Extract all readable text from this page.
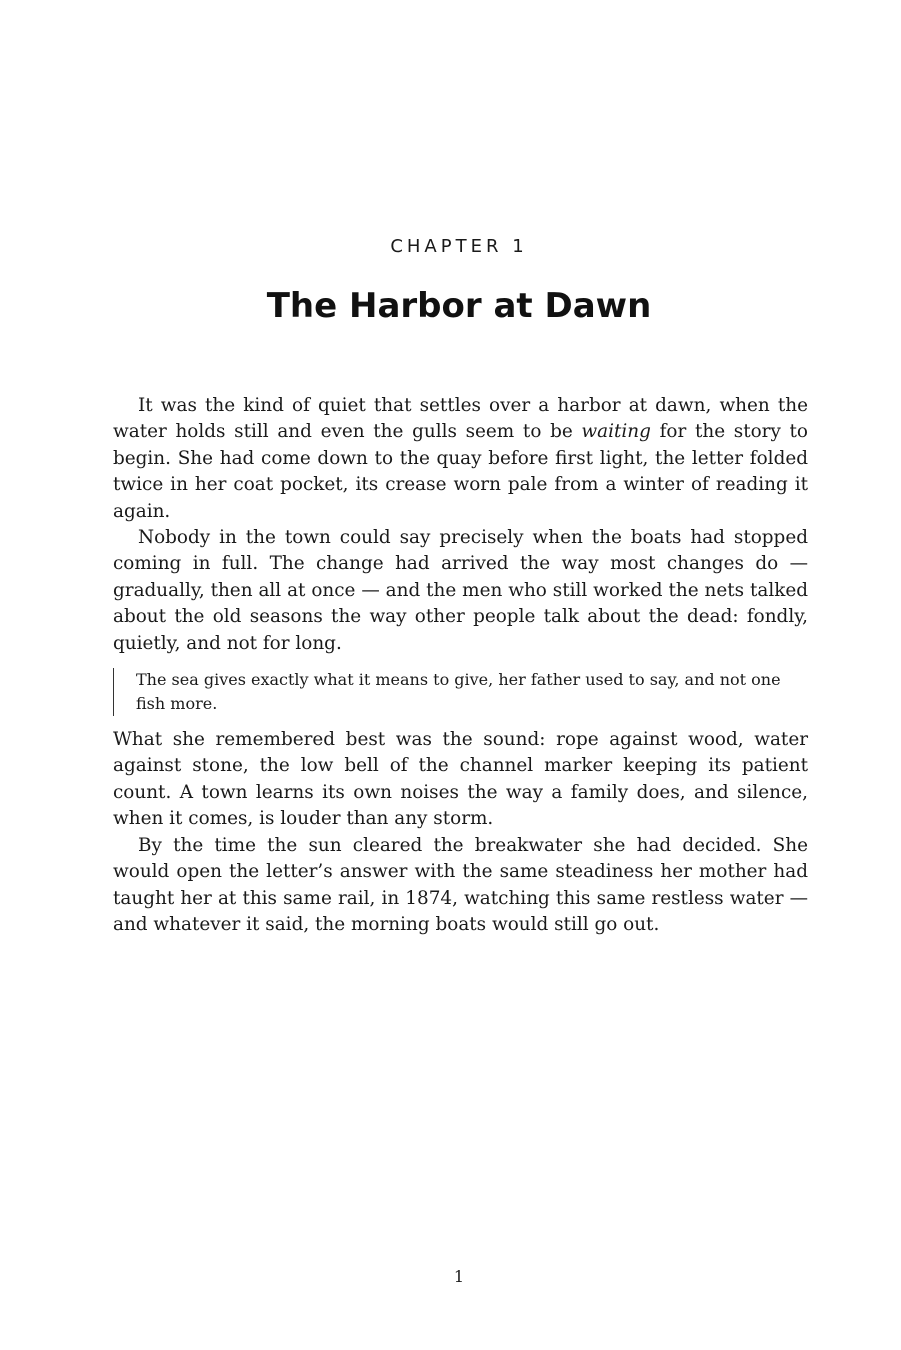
CHAPTER 1
The Harbor at Dawn

It was the kind of quiet that settles over a harbor at dawn, when the water holds still and even the gulls seem to be waiting for the story to begin. She had come down to the quay before first light, the letter folded twice in her coat pocket, its crease worn pale from a winter of reading it again.

Nobody in the town could say precisely when the boats had stopped coming in full. The change had arrived the way most changes do — gradually, then all at once — and the men who still worked the nets talked about the old seasons the way other people talk about the dead: fondly, quietly, and not for long.

The sea gives exactly what it means to give, her father used to say, and not one fish more.

What she remembered best was the sound: rope against wood, water against stone, the low bell of the channel marker keeping its patient count. A town learns its own noises the way a family does, and silence, when it comes, is louder than any storm.

By the time the sun cleared the breakwater she had decided. She would open the letter’s answer with the same steadiness her mother had taught her at this same rail, in 1874, watching this same restless water — and whatever it said, the morning boats would still go out.

1
